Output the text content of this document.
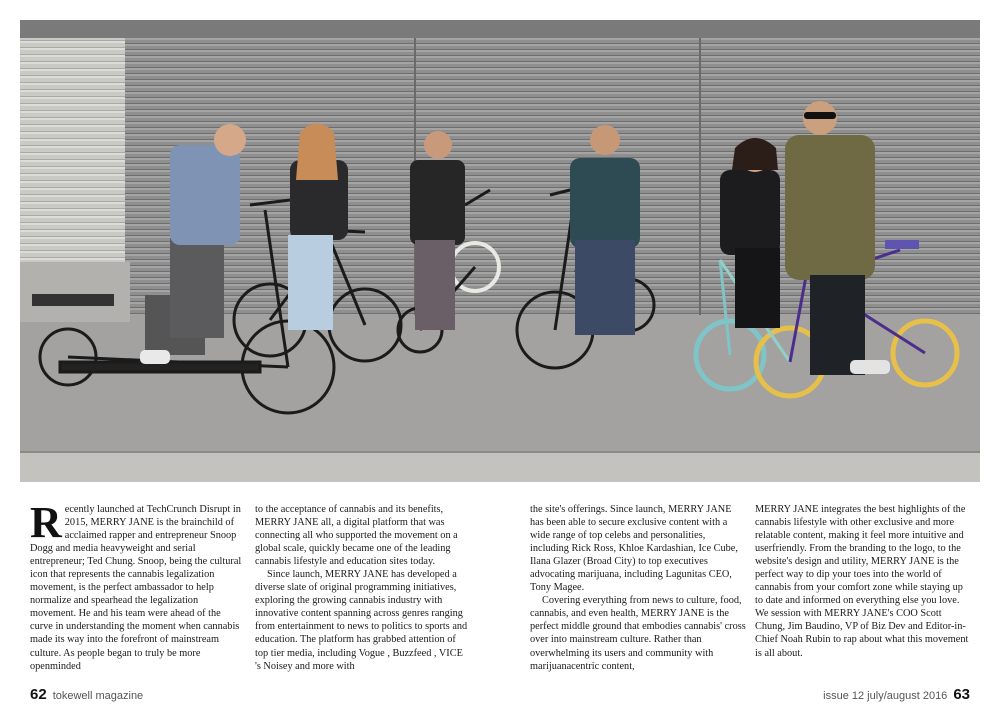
R ecently launched at TechCrunch Disrupt in 2015, MERRY JANE is the brainchild of acclaimed rapper and entrepreneur Snoop Dogg and media heavyweight and serial entrepreneur; Ted Chung. Snoop, being the cultural icon that represents the cannabis legalization movement, is the perfect ambassador to help normalize and spearhead the legalization movement. He and his team were ahead of the curve in understanding the moment when cannabis made its way into the forefront of mainstream culture. As people began to truly be more openminded

to the acceptance of cannabis and its benefits, MERRY JANE all, a digital platform that was connecting all who supported the movement on a global scale, quickly became one of the leading cannabis lifestyle and education sites today.

Since launch, MERRY JANE has developed a diverse slate of original programming initiatives, exploring the growing cannabis industry with innovative content spanning across genres ranging from entertainment to news to politics to sports and education. The platform has grabbed attention of top tier media, including Vogue , Buzzfeed , VICE 's Noisey and more with

the site's offerings. Since launch, MERRY JANE has been able to secure exclusive content with a wide range of top celebs and personalities, including Rick Ross, Khloe Kardashian, Ice Cube, Ilana Glazer (Broad City) to top executives advocating marijuana, including Lagunitas CEO, Tony Magee.

Covering everything from news to culture, food, cannabis, and even health, MERRY JANE is the perfect middle ground that embodies cannabis' cross over into mainstream culture. Rather than overwhelming its users and community with marijuanacentric content,

MERRY JANE integrates the best highlights of the cannabis lifestyle with other exclusive and more relatable content, making it feel more intuitive and userfriendly. From the branding to the logo, to the website's design and utility, MERRY JANE is the perfect way to dip your toes into the world of cannabis from your comfort zone while staying up to date and informed on everything else you love. We session with MERRY JANE's COO Scott Chung, Jim Baudino, VP of Biz Dev and Editor-in-Chief Noah Rubin to rap about what this movement is all about.

62 tokewell magazine	issue 12 july/august 2016 63
